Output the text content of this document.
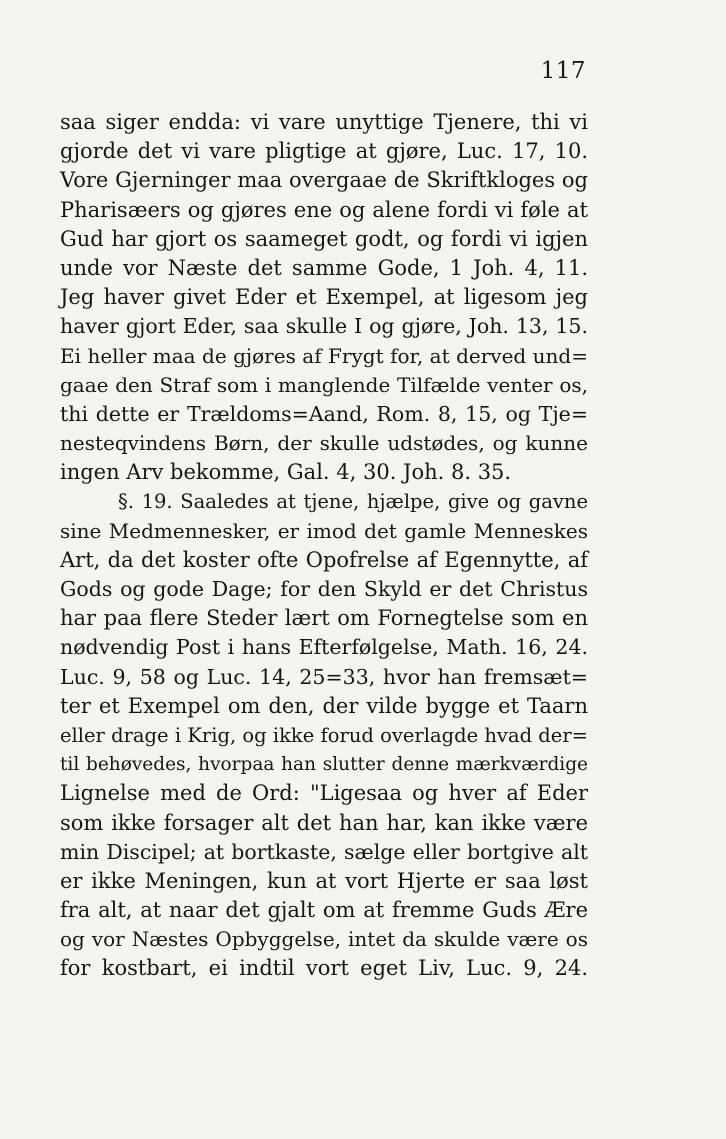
117
saa siger endda: vi vare unyttige Tjenere, thi vi
gjorde det vi vare pligtige at gjøre, Luc. 17, 10.
Vore Gjerninger maa overgaae de Skriftkloges og
Pharisæers og gjøres ene og alene fordi vi føle at
Gud har gjort os saameget godt, og fordi vi igjen
unde vor Næste det samme Gode, 1 Joh. 4, 11.
Jeg haver givet Eder et Exempel, at ligesom jeg
haver gjort Eder, saa skulle I og gjøre, Joh. 13, 15.
Ei heller maa de gjøres af Frygt for, at derved und=
gaae den Straf som i manglende Tilfælde venter os,
thi dette er Trældoms=Aand, Rom. 8, 15, og Tje=
nesteqvindens Børn, der skulle udstødes, og kunne
ingen Arv bekomme, Gal. 4, 30. Joh. 8. 35.
§. 19. Saaledes at tjene, hjælpe, give og gavne
sine Medmennesker, er imod det gamle Menneskes
Art, da det koster ofte Opofrelse af Egennytte, af
Gods og gode Dage; for den Skyld er det Christus
har paa flere Steder lært om Fornegtelse som en
nødvendig Post i hans Efterfølgelse, Math. 16, 24.
Luc. 9, 58 og Luc. 14, 25=33, hvor han fremsæt=
ter et Exempel om den, der vilde bygge et Taarn
eller drage i Krig, og ikke forud overlagde hvad der=
til behøvedes, hvorpaa han slutter denne mærkværdige
Lignelse med de Ord: "Ligesaa og hver af Eder
som ikke forsager alt det han har, kan ikke være
min Discipel; at bortkaste, sælge eller bortgive alt
er ikke Meningen, kun at vort Hjerte er saa løst
fra alt, at naar det gjalt om at fremme Guds Ære
og vor Næstes Opbyggelse, intet da skulde være os
for kostbart, ei indtil vort eget Liv, Luc. 9, 24.
